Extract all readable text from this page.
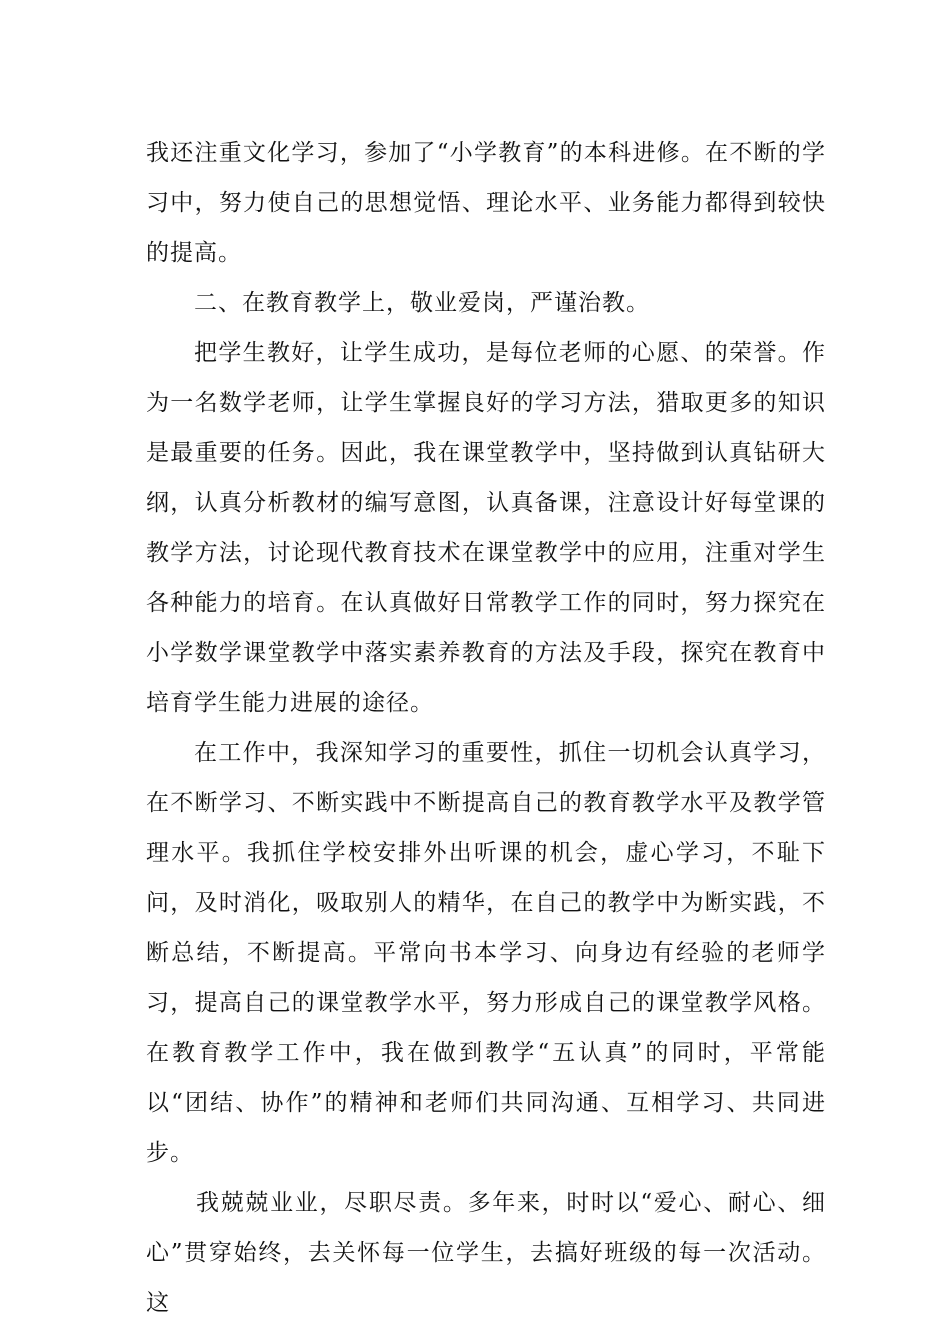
我还注重文化学习，参加了“小学教育”的本科进修。在不断的学习中，努力使自己的思想觉悟、理论水平、业务能力都得到较快的提高。

二、在教育教学上，敬业爱岗，严谨治教。

把学生教好，让学生成功，是每位老师的心愿、的荣誉。作为一名数学老师，让学生掌握良好的学习方法，猎取更多的知识是最重要的任务。因此，我在课堂教学中，坚持做到认真钻研大纲，认真分析教材的编写意图，认真备课，注意设计好每堂课的教学方法，讨论现代教育技术在课堂教学中的应用，注重对学生各种能力的培育。在认真做好日常教学工作的同时，努力探究在小学数学课堂教学中落实素养教育的方法及手段，探究在教育中培育学生能力进展的途径。

在工作中，我深知学习的重要性，抓住一切机会认真学习，在不断学习、不断实践中不断提高自己的教育教学水平及教学管理水平。我抓住学校安排外出听课的机会，虚心学习，不耻下问，及时消化，吸取别人的精华，在自己的教学中为断实践，不断总结，不断提高。平常向书本学习、向身边有经验的老师学习，提高自己的课堂教学水平，努力形成自己的课堂教学风格。在教育教学工作中，我在做到教学“五认真”的同时，平常能以“团结、协作”的精神和老师们共同沟通、互相学习、共同进步。

我兢兢业业，尽职尽责。多年来，时时以“爱心、耐心、细心”贯穿始终，去关怀每一位学生，去搞好班级的每一次活动。这
